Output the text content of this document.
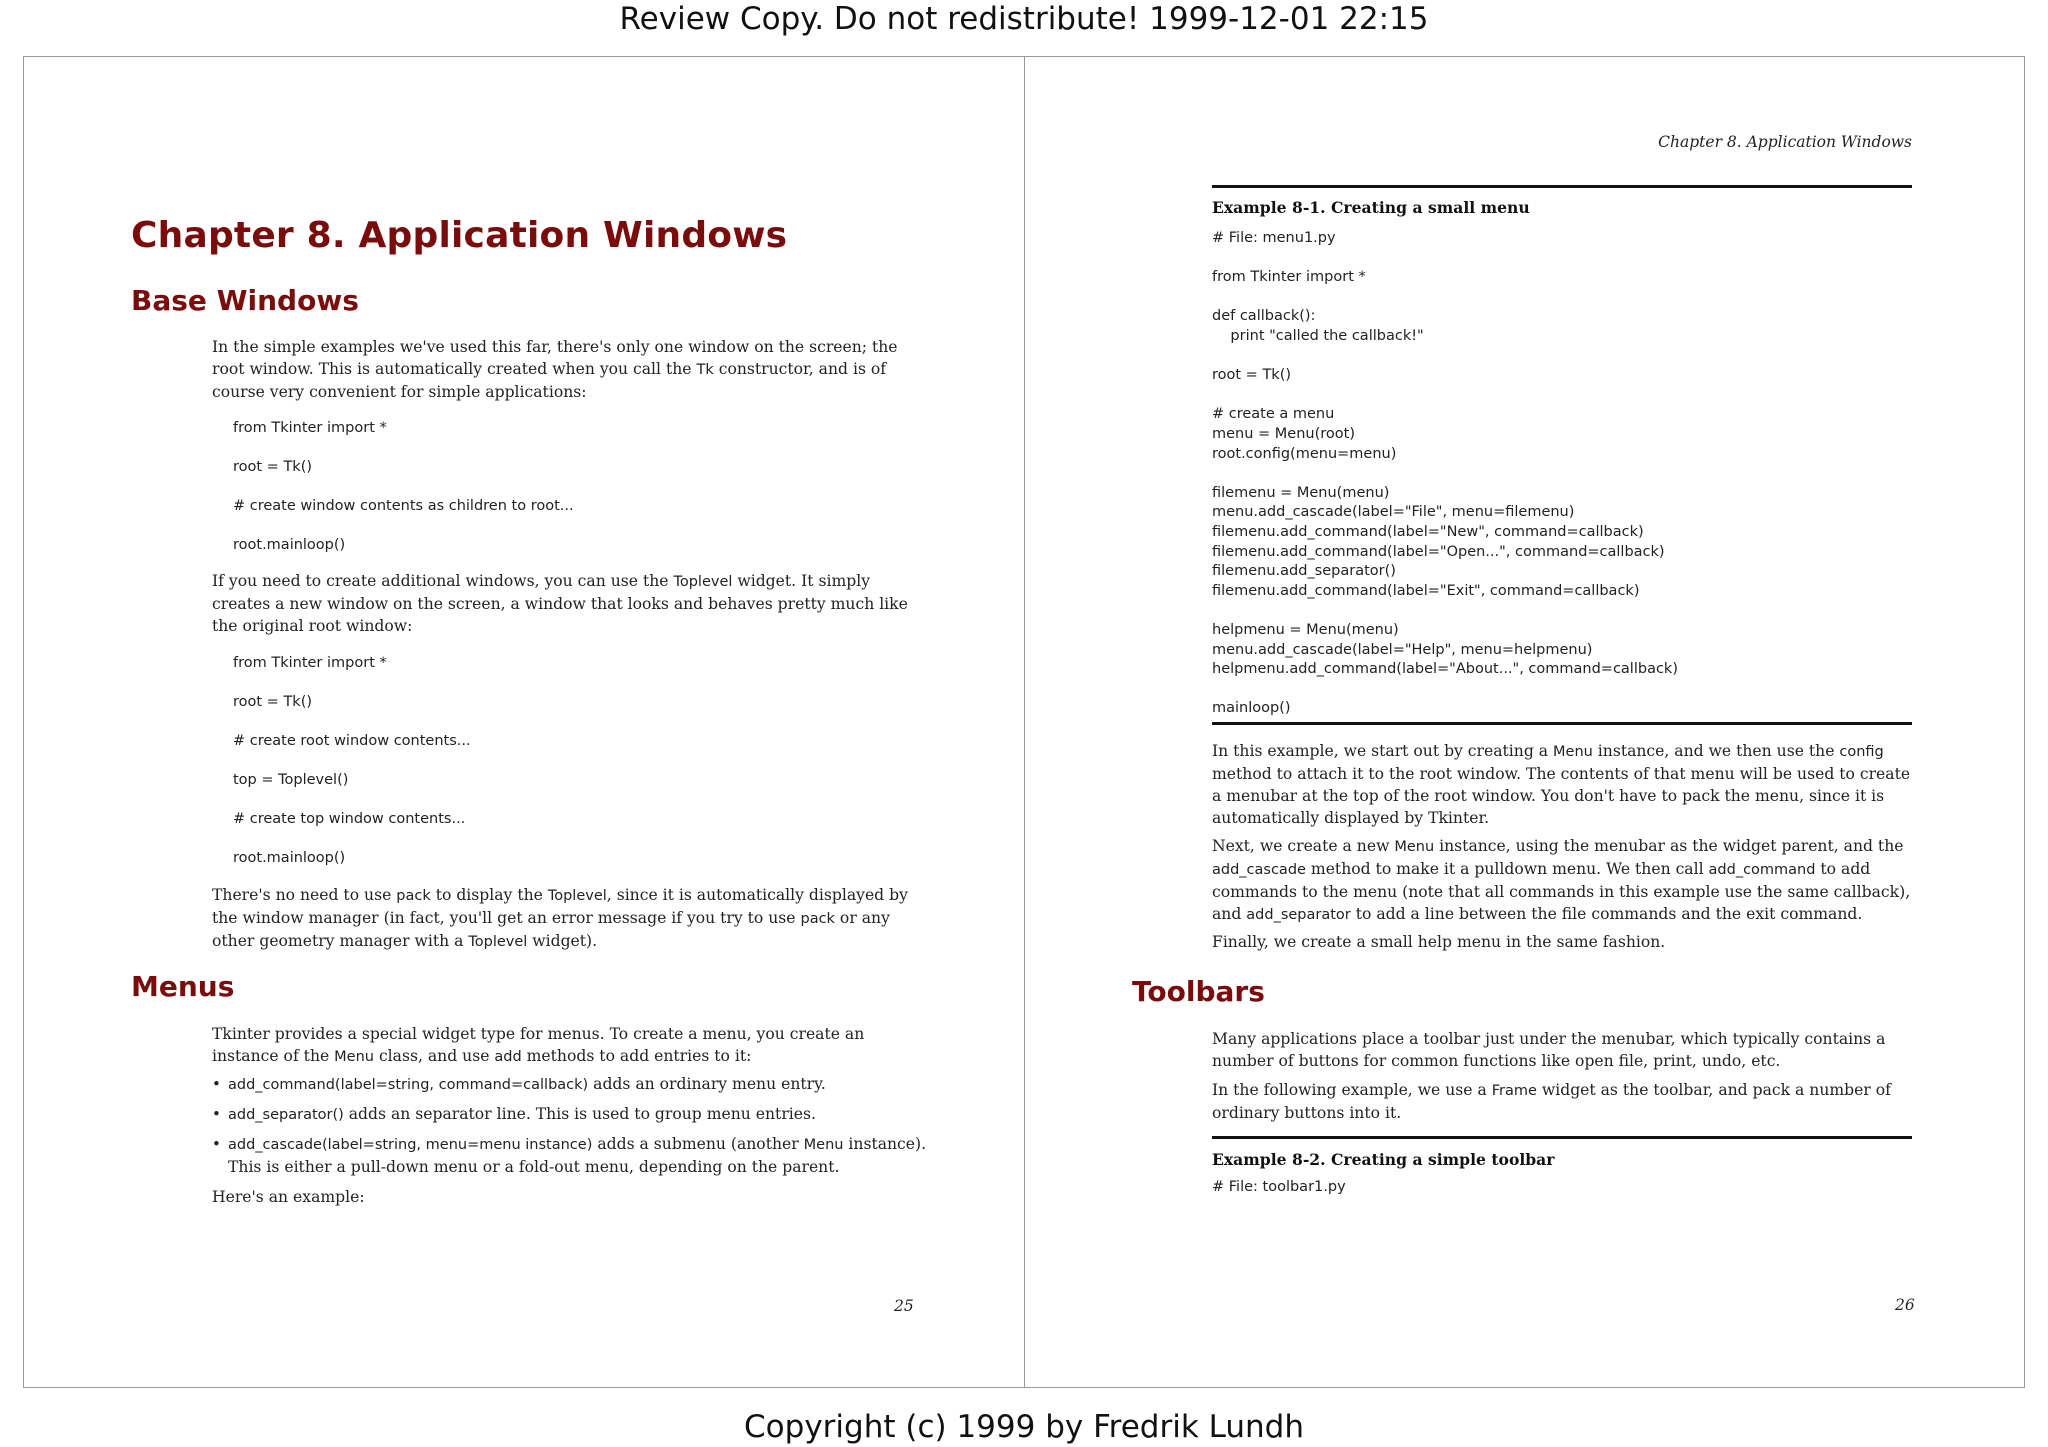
Review Copy. Do not redistribute! 1999-12-01 22:15

Chapter 8. Application Windows
Base Windows

In the simple examples we've used this far, there's only one window on the screen; the root window. This is automatically created when you call the Tk constructor, and is of course very convenient for simple applications:

from Tkinter import *

root = Tk()

# create window contents as children to root...

root.mainloop()

If you need to create additional windows, you can use the Toplevel widget. It simply creates a new window on the screen, a window that looks and behaves pretty much like the original root window:

from Tkinter import *

root = Tk()

# create root window contents...

top = Toplevel()

# create top window contents...

root.mainloop()

There's no need to use pack to display the Toplevel, since it is automatically displayed by the window manager (in fact, you'll get an error message if you try to use pack or any other geometry manager with a Toplevel widget).

Menus

Tkinter provides a special widget type for menus. To create a menu, you create an instance of the Menu class, and use add methods to add entries to it:

• add_command(label=string, command=callback) adds an ordinary menu entry.

• add_separator() adds an separator line. This is used to group menu entries.

• add_cascade(label=string, menu=menu instance) adds a submenu (another Menu instance). This is either a pull-down menu or a fold-out menu, depending on the parent.

Here's an example:

25

Chapter 8. Application Windows

Example 8-1. Creating a small menu

# File: menu1.py

from Tkinter import *

def callback():

print "called the callback!"

root = Tk()

# create a menu

menu = Menu(root)

root.config(menu=menu)

filemenu = Menu(menu)

menu.add_cascade(label="File", menu=filemenu)

filemenu.add_command(label="New", command=callback)

filemenu.add_command(label="Open...", command=callback)

filemenu.add_separator()

filemenu.add_command(label="Exit", command=callback)

helpmenu = Menu(menu)

menu.add_cascade(label="Help", menu=helpmenu)

helpmenu.add_command(label="About...", command=callback)

mainloop()

In this example, we start out by creating a Menu instance, and we then use the config method to attach it to the root window. The contents of that menu will be used to create a menubar at the top of the root window. You don't have to pack the menu, since it is automatically displayed by Tkinter.

Next, we create a new Menu instance, using the menubar as the widget parent, and the add_cascade method to make it a pulldown menu. We then call add_command to add commands to the menu (note that all commands in this example use the same callback), and add_separator to add a line between the file commands and the exit command.

Finally, we create a small help menu in the same fashion.

Toolbars

Many applications place a toolbar just under the menubar, which typically contains a number of buttons for common functions like open file, print, undo, etc.

In the following example, we use a Frame widget as the toolbar, and pack a number of ordinary buttons into it.

Example 8-2. Creating a simple toolbar

# File: toolbar1.py

26

Copyright (c) 1999 by Fredrik Lundh
